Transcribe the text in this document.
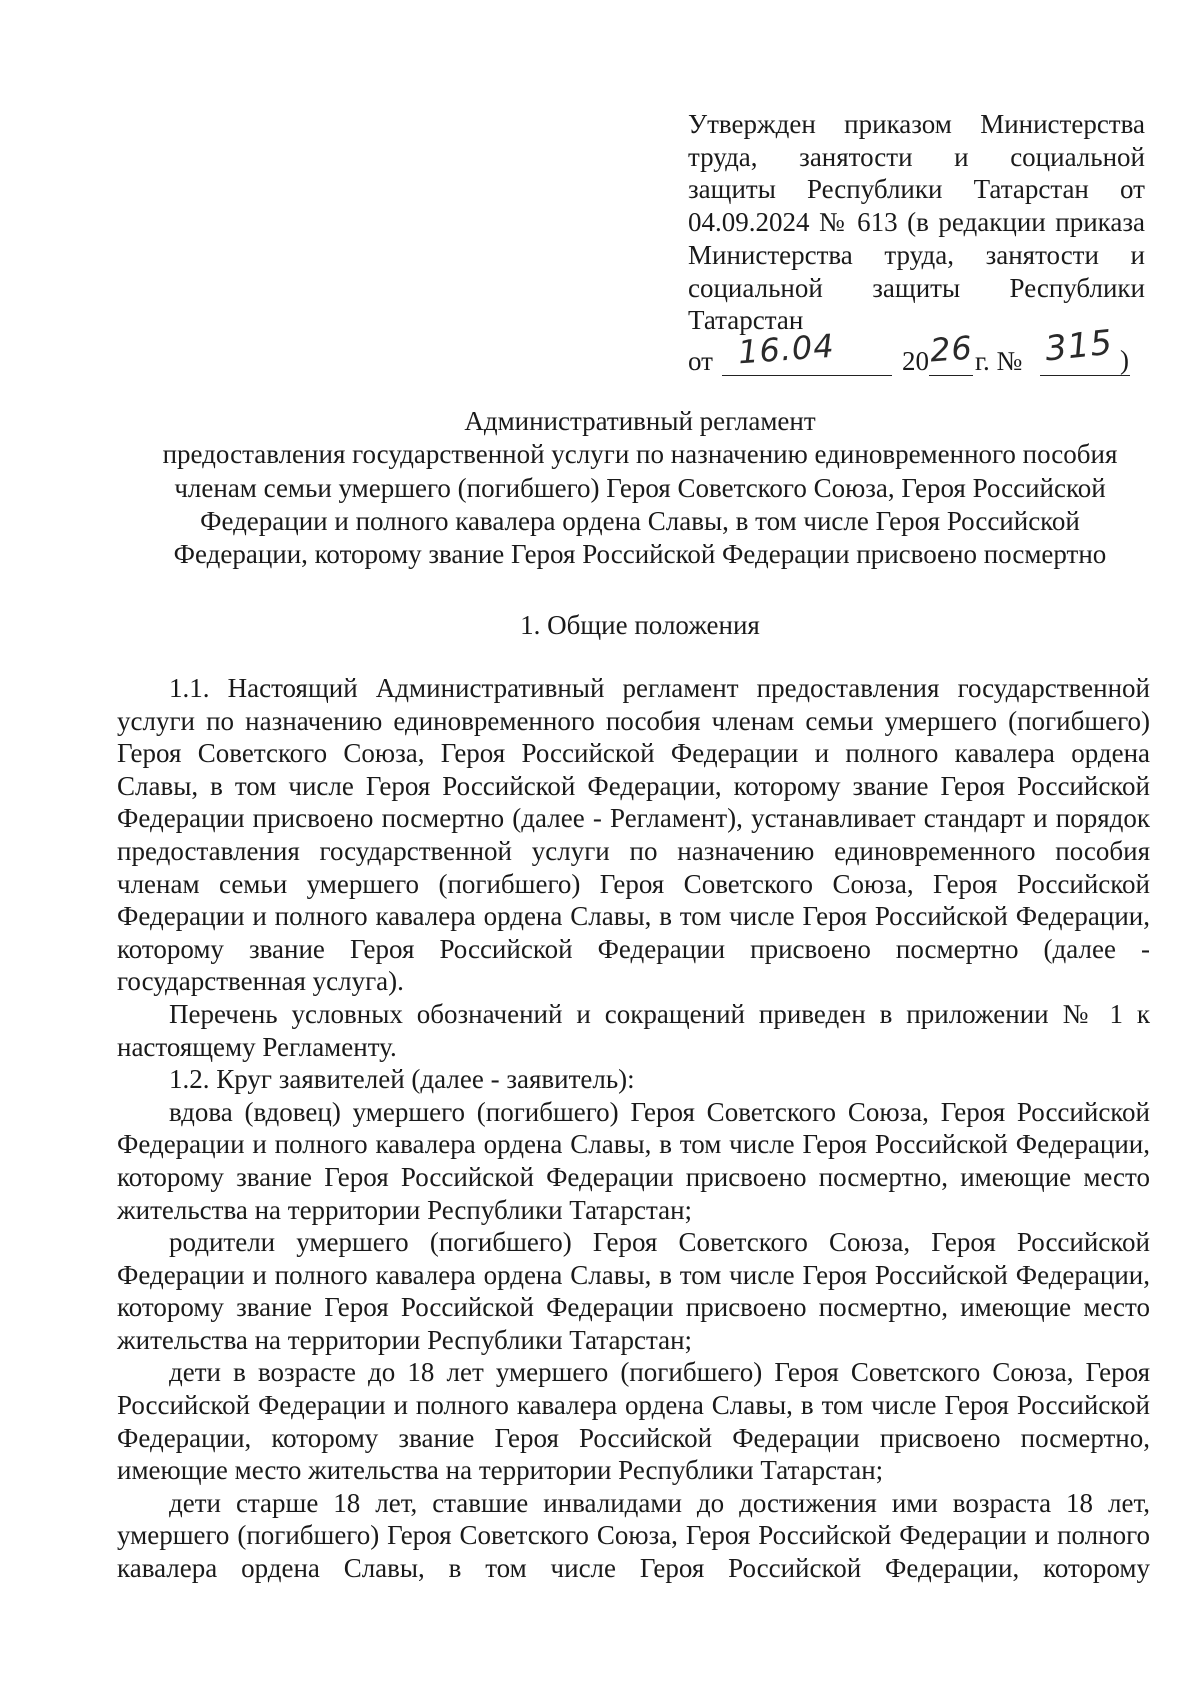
Утвержден приказом Министерства
труда, занятости и социальной
защиты Республики Татарстан от
04.09.2024 № 613 (в редакции приказа
Министерства труда, занятости и
социальной защиты Республики
Татарстан
от 16.04 20 26 г. № 315 )
Административный регламент
предоставления государственной услуги по назначению единовременного пособия
членам семьи умершего (погибшего) Героя Советского Союза, Героя Российской
Федерации и полного кавалера ордена Славы, в том числе Героя Российской
Федерации, которому звание Героя Российской Федерации присвоено посмертно
1. Общие положения

1.1. Настоящий Административный регламент предоставления государственной услуги по назначению единовременного пособия членам семьи умершего (погибшего) Героя Советского Союза, Героя Российской Федерации и полного кавалера ордена Славы, в том числе Героя Российской Федерации, которому звание Героя Российской Федерации присвоено посмертно (далее - Регламент), устанавливает стандарт и порядок предоставления государственной услуги по назначению единовременного пособия членам семьи умершего (погибшего) Героя Советского Союза, Героя Российской Федерации и полного кавалера ордена Славы, в том числе Героя Российской Федерации, которому звание Героя Российской Федерации присвоено посмертно (далее - государственная услуга).

Перечень условных обозначений и сокращений приведен в приложении № 1 к настоящему Регламенту.

1.2. Круг заявителей (далее - заявитель):

вдова (вдовец) умершего (погибшего) Героя Советского Союза, Героя Российской Федерации и полного кавалера ордена Славы, в том числе Героя Российской Федерации, которому звание Героя Российской Федерации присвоено посмертно, имеющие место жительства на территории Республики Татарстан;

родители умершего (погибшего) Героя Советского Союза, Героя Российской Федерации и полного кавалера ордена Славы, в том числе Героя Российской Федерации, которому звание Героя Российской Федерации присвоено посмертно, имеющие место жительства на территории Республики Татарстан;

дети в возрасте до 18 лет умершего (погибшего) Героя Советского Союза, Героя Российской Федерации и полного кавалера ордена Славы, в том числе Героя Российской Федерации, которому звание Героя Российской Федерации присвоено посмертно, имеющие место жительства на территории Республики Татарстан;

дети старше 18 лет, ставшие инвалидами до достижения ими возраста 18 лет, умершего (погибшего) Героя Советского Союза, Героя Российской Федерации и полного кавалера ордена Славы, в том числе Героя Российской Федерации, которому
